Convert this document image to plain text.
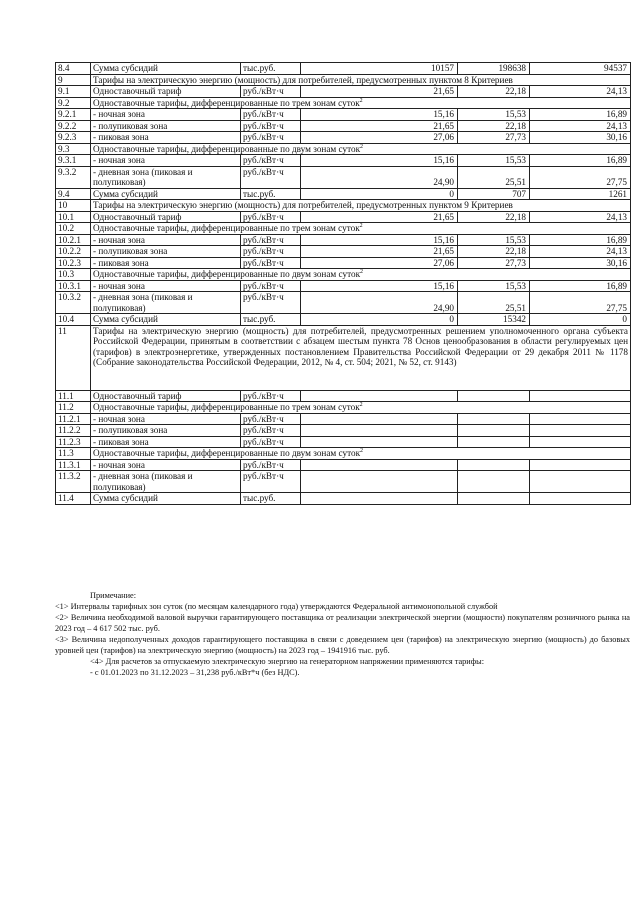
8.4	Сумма субсидий	тыс.руб.	10157	198638	94537
9	Тарифы на электрическую энергию (мощность) для потребителей, предусмотренных пунктом 8 Критериев				
9.1	Одноставочный тариф	руб./кВт·ч	21,65	22,18	24,13
9.2	Одноставочные тарифы, дифференцированные по трем зонам суток$^2$
9.2.1	- ночная зона	руб./кВт·ч	15,16	15,53	16,89
9.2.2	- полупиковая зона	руб./кВт·ч	21,65	22,18	24,13
9.2.3	- пиковая зона	руб./кВт·ч	27,06	27,73	30,16
9.3	Одноставочные тарифы, дифференцированные по двум зонам суток$^2$
9.3.1	- ночная зона	руб./кВт·ч	15,16	15,53	16,89
9.3.2	- дневная зона (пиковая и полупиковая)	руб./кВт·ч	24,90	25,51	27,75
9.4	Сумма субсидий	тыс.руб.	0	707	1261
10	Тарифы на электрическую энергию (мощность) для потребителей, предусмотренных пунктом 9 Критериев				
10.1	Одноставочный тариф	руб./кВт·ч	21,65	22,18	24,13
10.2	Одноставочные тарифы, дифференцированные по трем зонам суток$^2$
10.2.1	- ночная зона	руб./кВт·ч	15,16	15,53	16,89
10.2.2	- полупиковая зона	руб./кВт·ч	21,65	22,18	24,13
10.2.3	- пиковая зона	руб./кВт·ч	27,06	27,73	30,16
10.3	Одноставочные тарифы, дифференцированные по двум зонам суток$^2$
10.3.1	- ночная зона	руб./кВт·ч	15,16	15,53	16,89
10.3.2	- дневная зона (пиковая и полупиковая)	руб./кВт·ч	24,90	25,51	27,75
10.4	Сумма субсидий	тыс.руб.	0	15342	0
11	Тарифы на электрическую энергию (мощность) для потребителей, предусмотренных решением уполномоченного органа субъекта Российской Федерации, принятым в соответствии с абзацем шестым пункта 78 Основ ценообразования в области регулируемых цен (тарифов) в электроэнергетике, утвержденных постановлением Правительства Российской Федерации от 29 декабря 2011 № 1178 (Собрание законодательства Российской Федерации, 2012, № 4, ст. 504; 2021, № 52, ст. 9143)				
11.1	Одноставочный тариф	руб./кВт·ч			
11.2	Одноставочные тарифы, дифференцированные по трем зонам суток$^2$
11.2.1	- ночная зона	руб./кВт·ч			
11.2.2	- полупиковая зона	руб./кВт·ч			
11.2.3	- пиковая зона	руб./кВт·ч			
11.3	Одноставочные тарифы, дифференцированные по двум зонам суток$^2$
11.3.1	- ночная зона	руб./кВт·ч			
11.3.2	- дневная зона (пиковая и полупиковая)	руб./кВт·ч			
11.4	Сумма субсидий	тыс.руб.			

Примечание:

<1> Интервалы тарифных зон суток (по месяцам календарного года) утверждаются Федеральной антимонопольной службой

<2> Величина необходимой валовой выручки гарантирующего поставщика от реализации электрической энергии (мощности) покупателям розничного рынка на 2023 год – 4 617 502 тыс. руб.

<3> Величина недополученных доходов гарантирующего поставщика в связи с доведением цен (тарифов) на электрическую энергию (мощность) до базовых уровней цен (тарифов) на электрическую энергию (мощность) на 2023 год – 1941916 тыс. руб.

<4> Для расчетов за отпускаемую электрическую энергию на генераторном напряжении применяются тарифы:

- с 01.01.2023 по 31.12.2023 – 31,238 руб./кВт*ч (без НДС).
